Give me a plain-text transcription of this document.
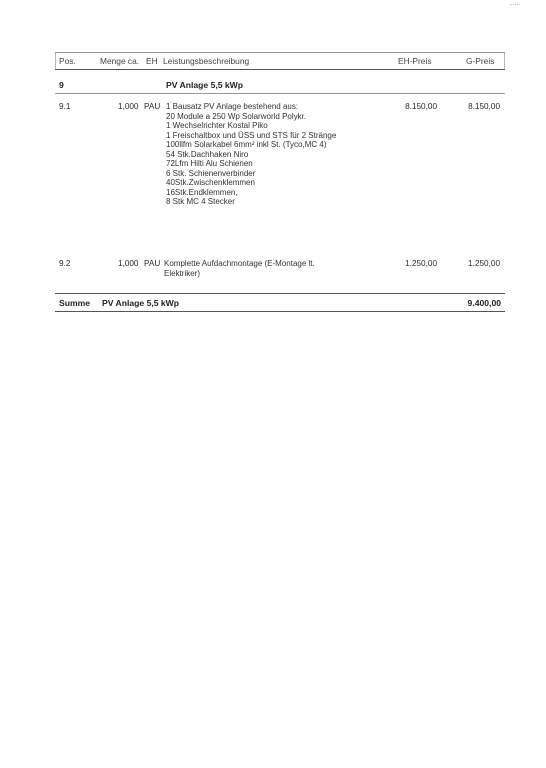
Pos.	Menge ca. EH Leistungsbeschreibung	EH-Preis	G-Preis
9	PV Anlage 5,5 kWp
9.1	1,000 PAU 1 Bausatz PV Anlage bestehend aus:
20 Module a 250 Wp Solarworld Polykr.
1 Wechselrichter Kostal Piko
1 Freischaltbox und ÜSS und STS für 2 Stränge
100llfm Solarkabel 6mm² inkl St. (Tyco,MC 4)
54 Stk.Dachhaken Niro
72Lfm Hilti Alu Schienen
6 Stk. Schienenverbinder
40Stk.Zwischenklemmen
16Stk.Endklemmen,
8 Stk MC 4 Stecker
8.150,00	8.150,00
9.2	1,000 PAU Komplette Aufdachmontage (E-Montage lt.
Elektriker)
1.250,00	1.250,00
Summe PV Anlage 5,5 kWp	9.400,00
